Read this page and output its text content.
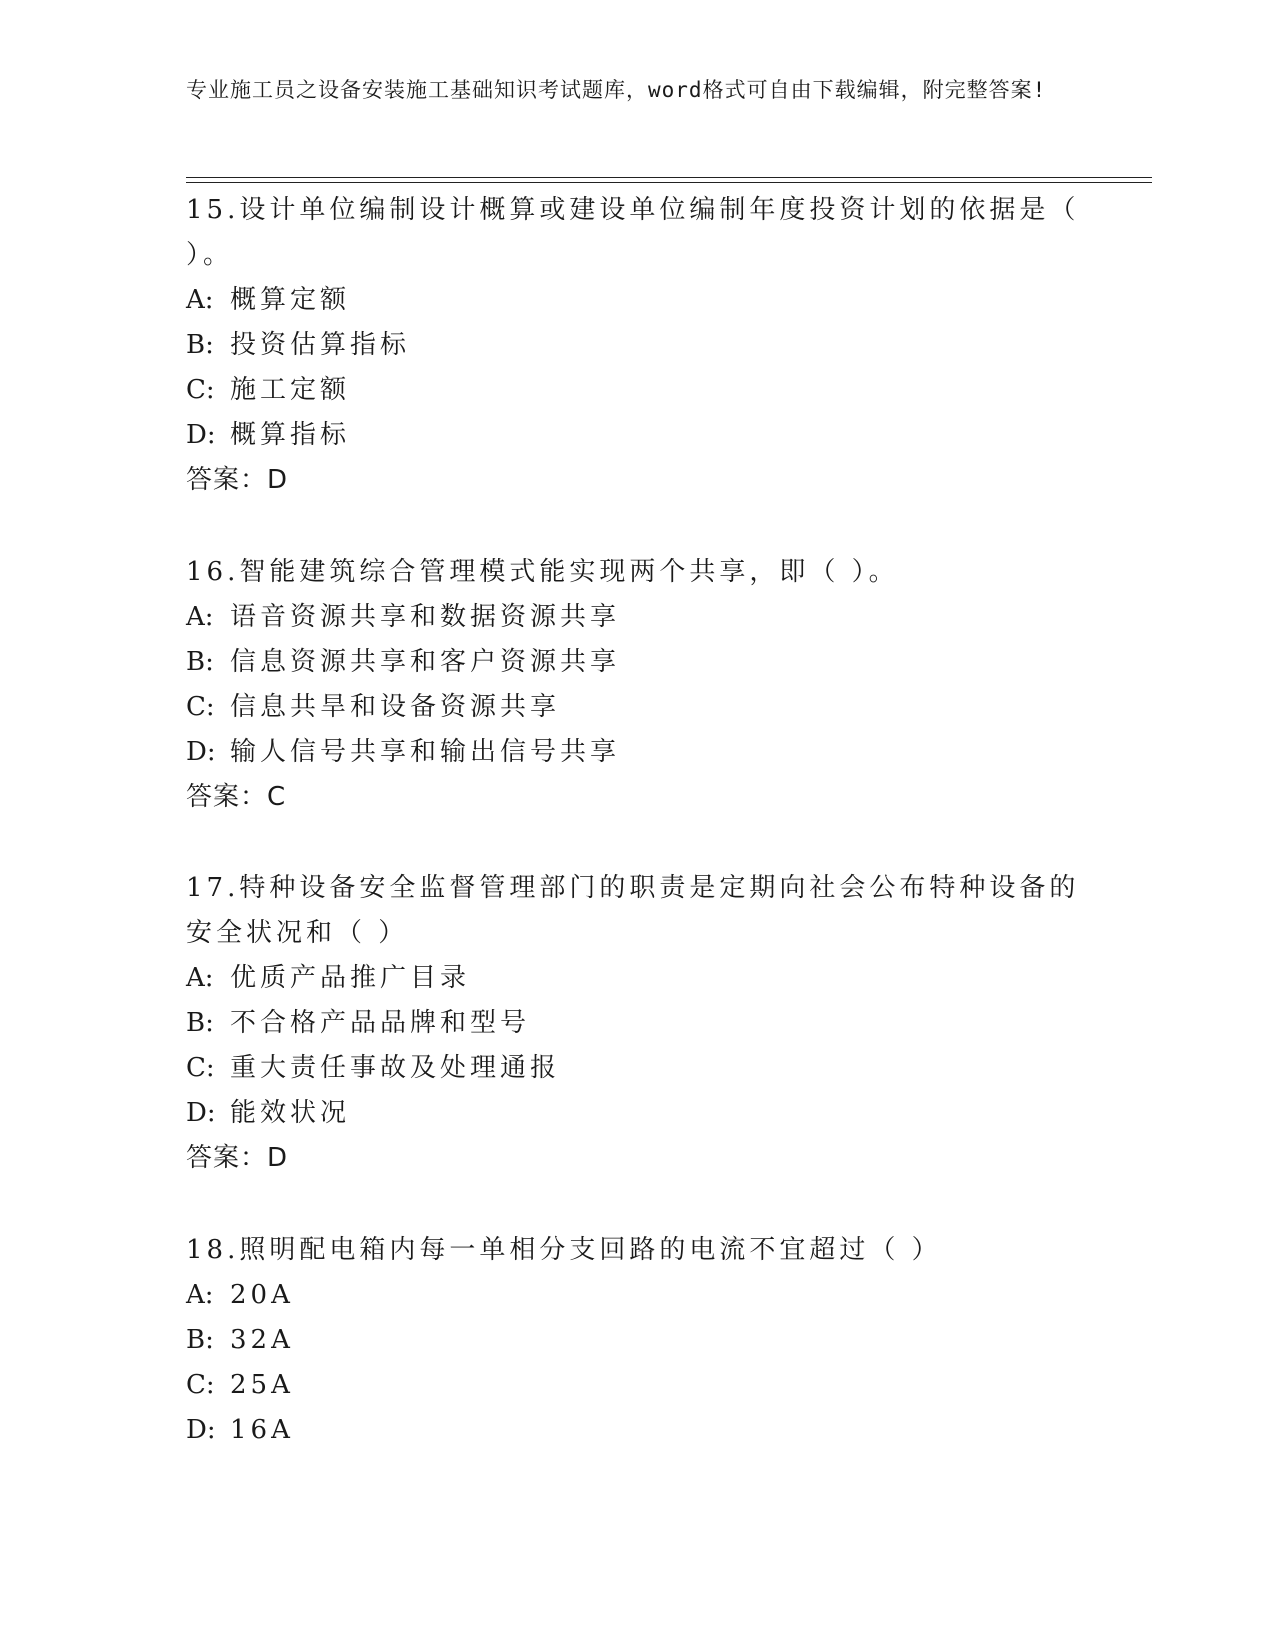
专业施工员之设备安装施工基础知识考试题库，word格式可自由下载编辑，附完整答案!

15.设计单位编制设计概算或建设单位编制年度投资计划的依据是（ ）。

A: 概算定额

B: 投资估算指标

C: 施工定额

D: 概算指标

答案：D

16.智能建筑综合管理模式能实现两个共享，即（ ）。

A: 语音资源共享和数据资源共享

B: 信息资源共享和客户资源共享

C: 信息共旱和设备资源共享

D: 输人信号共享和输出信号共享

答案：C

17.特种设备安全监督管理部门的职责是定期向社会公布特种设备的安全状况和（ ）

A: 优质产品推广目录

B: 不合格产品品牌和型号

C: 重大责任事故及处理通报

D: 能效状况

答案：D

18.照明配电箱内每一单相分支回路的电流不宜超过（ ）

A: 20A

B: 32A

C: 25A

D: 16A
